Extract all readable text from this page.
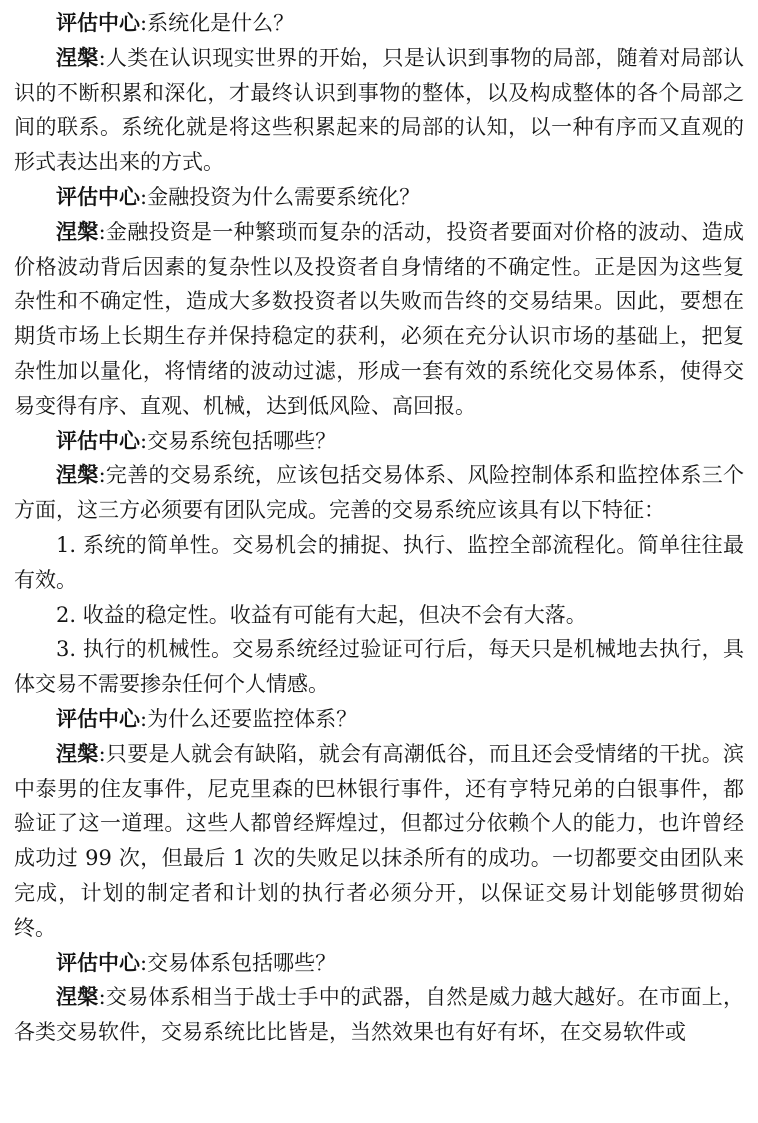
评估中心:系统化是什么？

涅槃:人类在认识现实世界的开始，只是认识到事物的局部，随着对局部认识的不断积累和深化，才最终认识到事物的整体，以及构成整体的各个局部之间的联系。系统化就是将这些积累起来的局部的认知，以一种有序而又直观的形式表达出来的方式。

评估中心:金融投资为什么需要系统化？

涅槃:金融投资是一种繁琐而复杂的活动，投资者要面对价格的波动、造成价格波动背后因素的复杂性以及投资者自身情绪的不确定性。正是因为这些复杂性和不确定性，造成大多数投资者以失败而告终的交易结果。因此，要想在期货市场上长期生存并保持稳定的获利，必须在充分认识市场的基础上，把复杂性加以量化，将情绪的波动过滤，形成一套有效的系统化交易体系，使得交易变得有序、直观、机械，达到低风险、高回报。

评估中心:交易系统包括哪些？

涅槃:完善的交易系统，应该包括交易体系、风险控制体系和监控体系三个方面，这三方必须要有团队完成。完善的交易系统应该具有以下特征：

1. 系统的简单性。交易机会的捕捉、执行、监控全部流程化。简单往往最有效。

2. 收益的稳定性。收益有可能有大起，但决不会有大落。

3. 执行的机械性。交易系统经过验证可行后，每天只是机械地去执行，具体交易不需要掺杂任何个人情感。

评估中心:为什么还要监控体系？

涅槃:只要是人就会有缺陷，就会有高潮低谷，而且还会受情绪的干扰。滨中泰男的住友事件，尼克里森的巴林银行事件，还有亨特兄弟的白银事件，都验证了这一道理。这些人都曾经辉煌过，但都过分依赖个人的能力，也许曾经成功过 99 次，但最后 1 次的失败足以抹杀所有的成功。一切都要交由团队来完成，计划的制定者和计划的执行者必须分开，以保证交易计划能够贯彻始终。

评估中心:交易体系包括哪些？

涅槃:交易体系相当于战士手中的武器，自然是威力越大越好。在市面上，各类交易软件，交易系统比比皆是，当然效果也有好有坏，在交易软件或
